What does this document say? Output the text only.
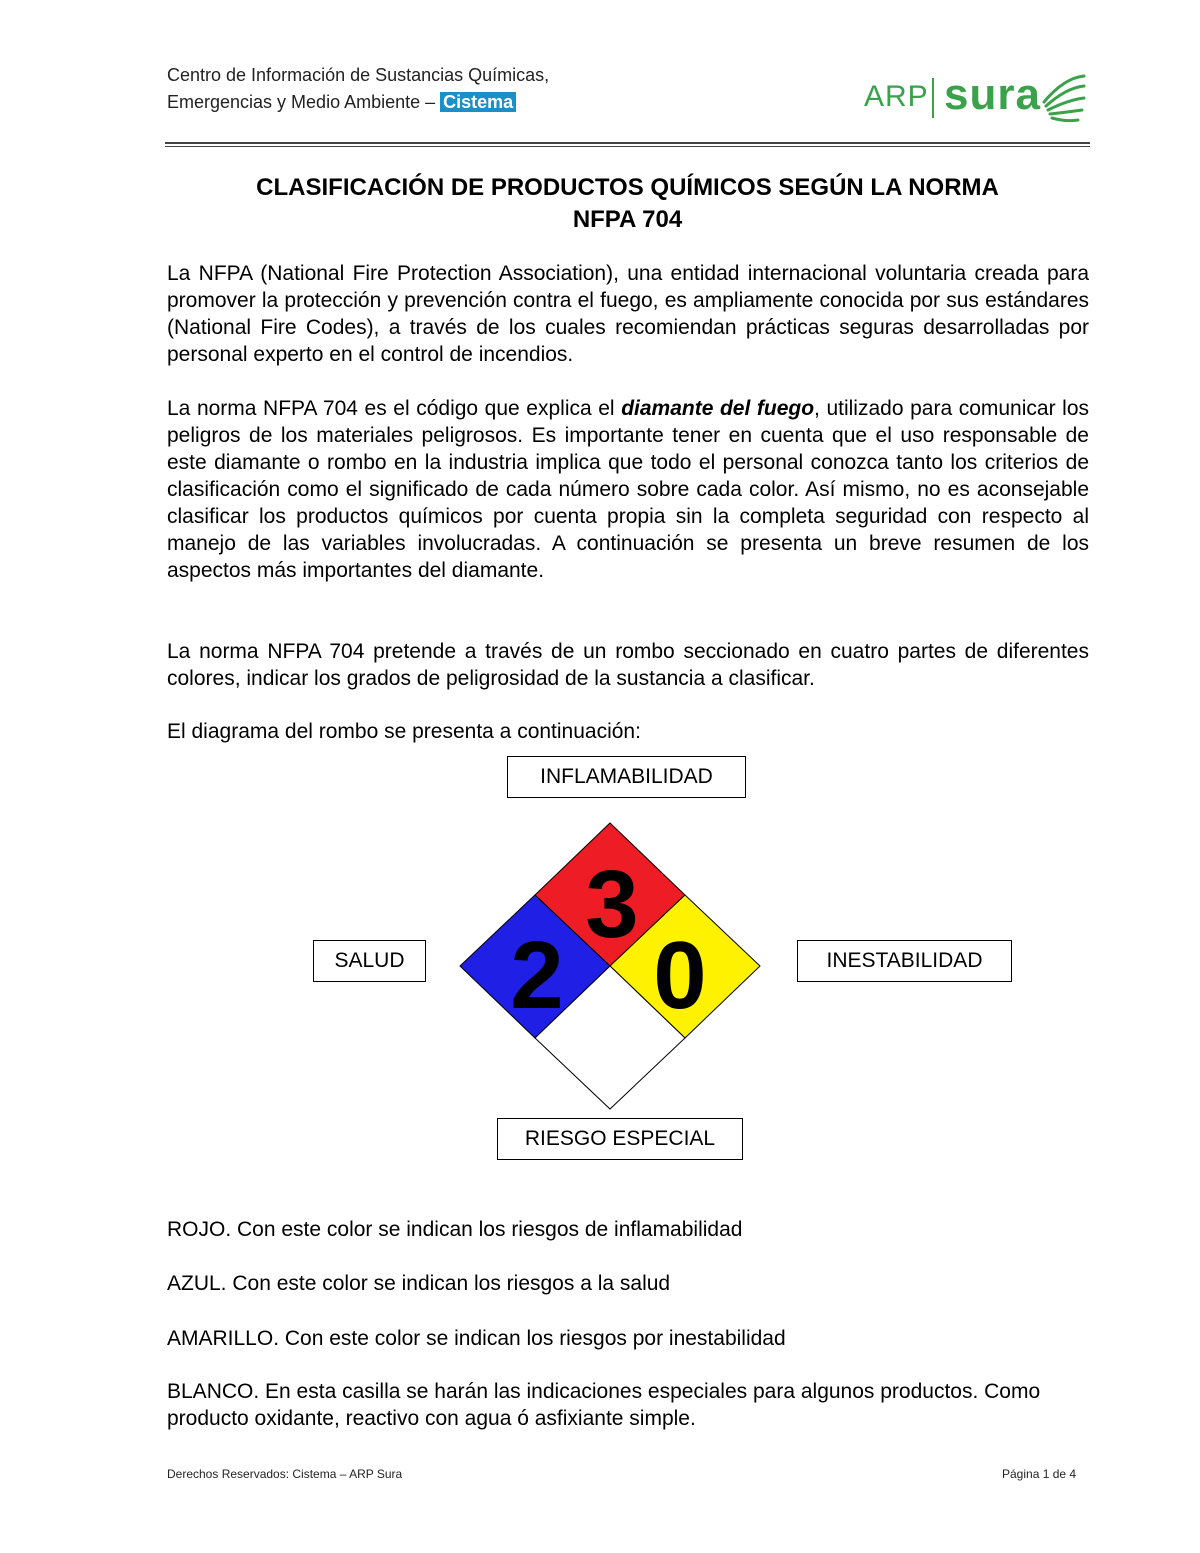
Centro de Información de Sustancias Químicas,
Emergencias y Medio Ambiente – Cistema	ARP sura
CLASIFICACIÓN DE PRODUCTOS QUÍMICOS SEGÚN LA NORMA
NFPA 704
La NFPA (National Fire Protection Association), una entidad internacional voluntaria creada para promover la protección y prevención contra el fuego, es ampliamente conocida por sus estándares (National Fire Codes), a través de los cuales recomiendan prácticas seguras desarrolladas por personal experto en el control de incendios.
La norma NFPA 704 es el código que explica el diamante del fuego, utilizado para comunicar los peligros de los materiales peligrosos. Es importante tener en cuenta que el uso responsable de este diamante o rombo en la industria implica que todo el personal conozca tanto los criterios de clasificación como el significado de cada número sobre cada color. Así mismo, no es aconsejable clasificar los productos químicos por cuenta propia sin la completa seguridad con respecto al manejo de las variables involucradas. A continuación se presenta un breve resumen de los aspectos más importantes del diamante.
La norma NFPA 704 pretende a través de un rombo seccionado en cuatro partes de diferentes colores, indicar los grados de peligrosidad de la sustancia a clasificar.
El diagrama del rombo se presenta a continuación:
INFLAMABILIDAD
SALUD	INESTABILIDAD
RIESGO ESPECIAL
3
2 0
ROJO. Con este color se indican los riesgos de inflamabilidad
AZUL. Con este color se indican los riesgos a la salud
AMARILLO. Con este color se indican los riesgos por inestabilidad
BLANCO. En esta casilla se harán las indicaciones especiales para algunos productos. Como producto oxidante, reactivo con agua ó asfixiante simple.
Derechos Reservados: Cistema – ARP Sura	Página 1 de 4
